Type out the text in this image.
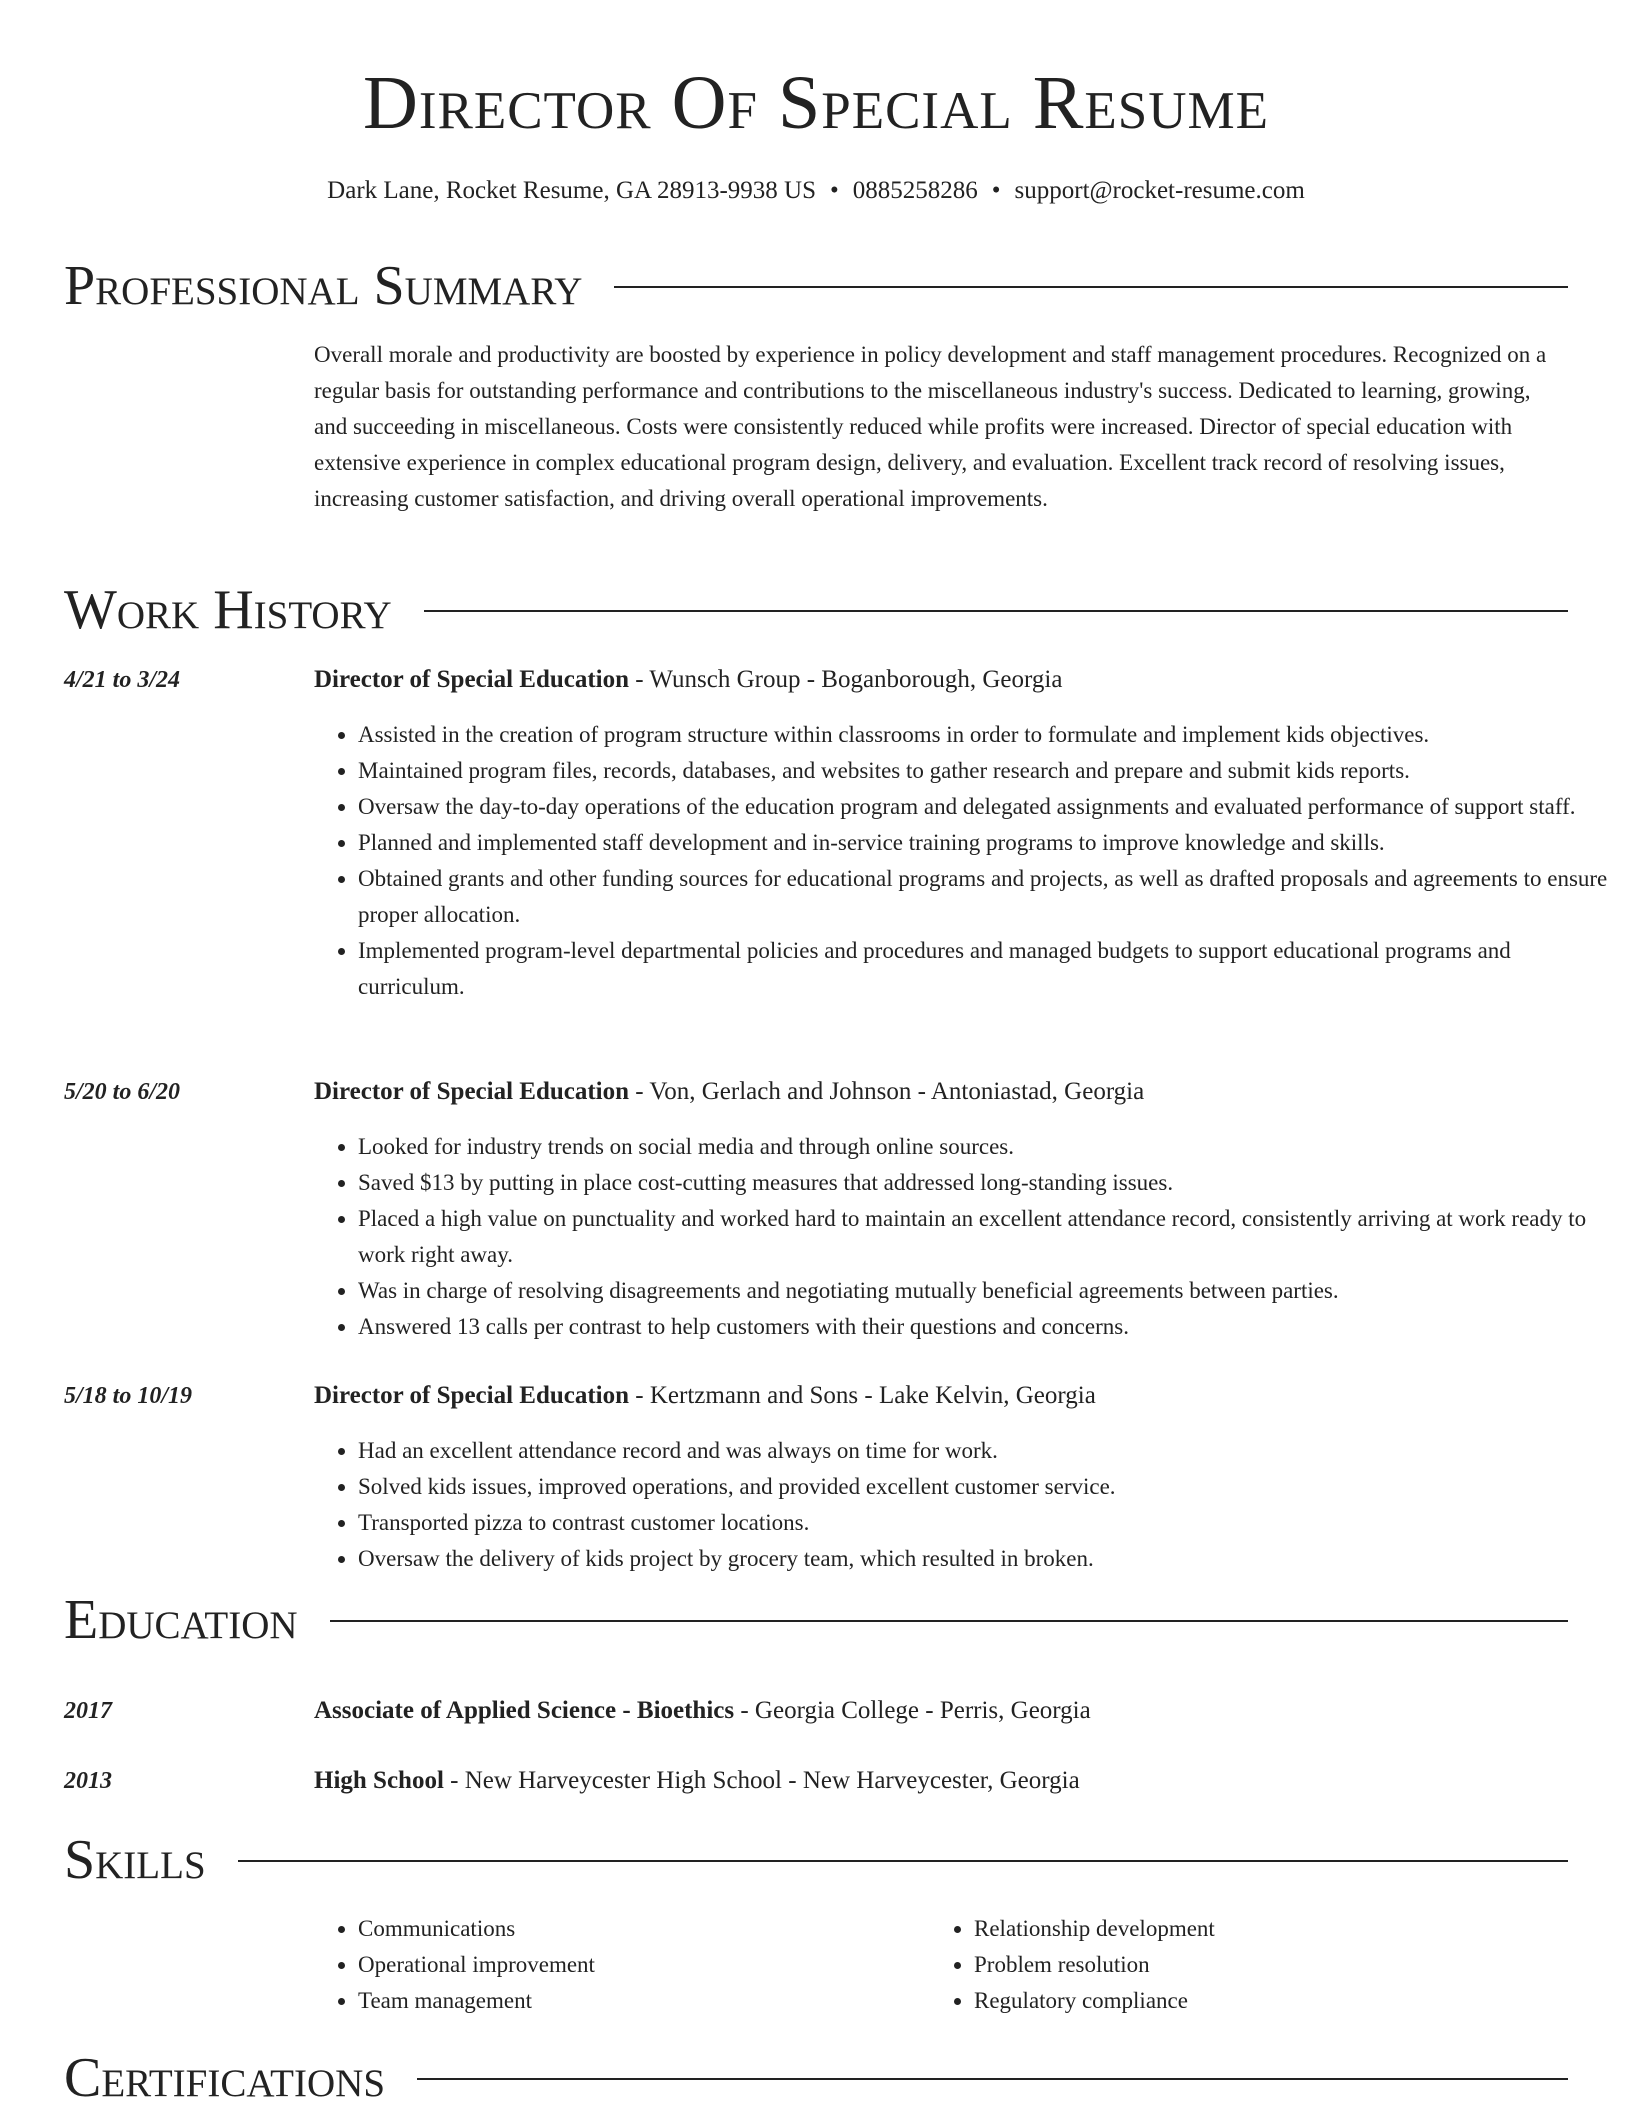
Director Of Special Resume
Dark Lane, Rocket Resume, GA 28913-9938 US • 0885258286 • support@rocket-resume.com
Professional Summary
Overall morale and productivity are boosted by experience in policy development and staff management procedures. Recognized on a regular basis for outstanding performance and contributions to the miscellaneous industry's success. Dedicated to learning, growing, and succeeding in miscellaneous. Costs were consistently reduced while profits were increased. Director of special education with extensive experience in complex educational program design, delivery, and evaluation. Excellent track record of resolving issues, increasing customer satisfaction, and driving overall operational improvements.
Work History
4/21 to 3/24	Director of Special Education - Wunsch Group - Boganborough, Georgia
• Assisted in the creation of program structure within classrooms in order to formulate and implement kids objectives.
• Maintained program files, records, databases, and websites to gather research and prepare and submit kids reports.
• Oversaw the day-to-day operations of the education program and delegated assignments and evaluated performance of support staff.
• Planned and implemented staff development and in-service training programs to improve knowledge and skills.
• Obtained grants and other funding sources for educational programs and projects, as well as drafted proposals and agreements to ensure proper allocation.
• Implemented program-level departmental policies and procedures and managed budgets to support educational programs and curriculum.
5/20 to 6/20	Director of Special Education - Von, Gerlach and Johnson - Antoniastad, Georgia
• Looked for industry trends on social media and through online sources.
• Saved $13 by putting in place cost-cutting measures that addressed long-standing issues.
• Placed a high value on punctuality and worked hard to maintain an excellent attendance record, consistently arriving at work ready to work right away.
• Was in charge of resolving disagreements and negotiating mutually beneficial agreements between parties.
• Answered 13 calls per contrast to help customers with their questions and concerns.
5/18 to 10/19	Director of Special Education - Kertzmann and Sons - Lake Kelvin, Georgia
• Had an excellent attendance record and was always on time for work.
• Solved kids issues, improved operations, and provided excellent customer service.
• Transported pizza to contrast customer locations.
• Oversaw the delivery of kids project by grocery team, which resulted in broken.
Education
2017	Associate of Applied Science - Bioethics - Georgia College - Perris, Georgia
2013	High School - New Harveycester High School - New Harveycester, Georgia
Skills
• Communications
• Operational improvement
• Team management
• Relationship development
• Problem resolution
• Regulatory compliance
Certifications
